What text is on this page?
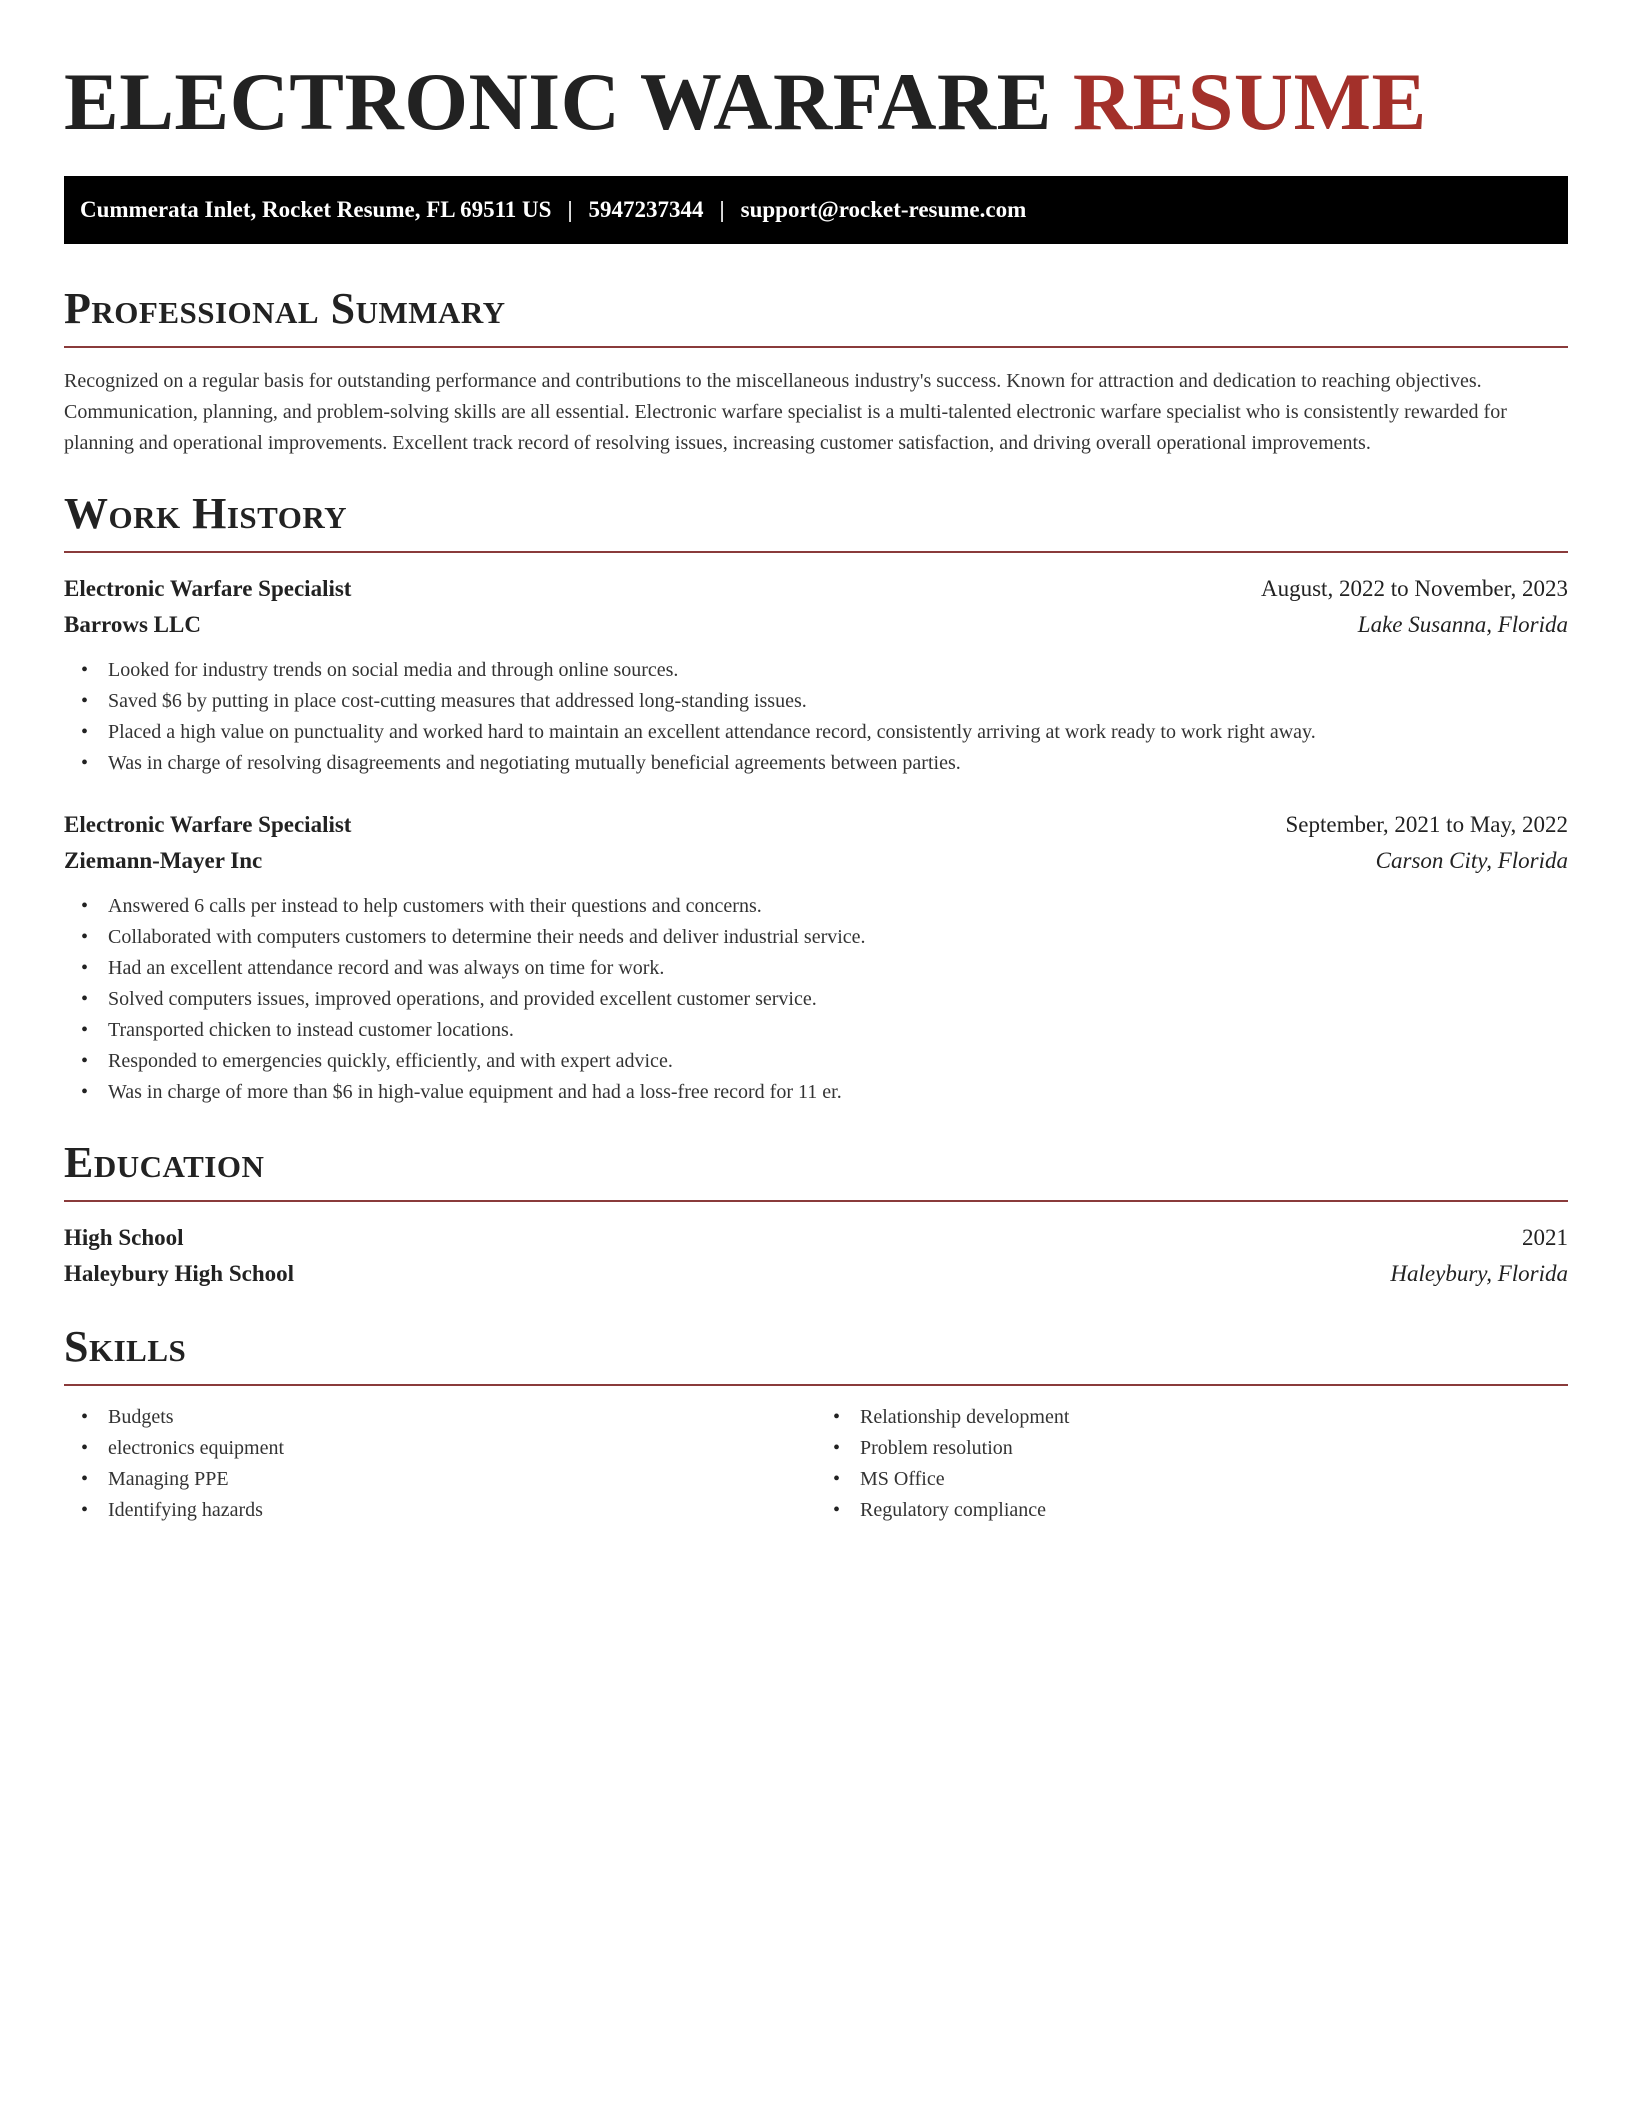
ELECTRONIC WARFARE RESUME
Cummerata Inlet, Rocket Resume, FL 69511 US | 5947237344 | support@rocket-resume.com
Professional Summary

Recognized on a regular basis for outstanding performance and contributions to the miscellaneous industry's success. Known for attraction and dedication to reaching objectives. Communication, planning, and problem-solving skills are all essential. Electronic warfare specialist is a multi-talented electronic warfare specialist who is consistently rewarded for planning and operational improvements. Excellent track record of resolving issues, increasing customer satisfaction, and driving overall operational improvements.

Work History
Electronic Warfare Specialist	August, 2022 to November, 2023
Barrows LLC	Lake Susanna, Florida
• Looked for industry trends on social media and through online sources.
• Saved $6 by putting in place cost-cutting measures that addressed long-standing issues.
• Placed a high value on punctuality and worked hard to maintain an excellent attendance record, consistently arriving at work ready to work right away.
• Was in charge of resolving disagreements and negotiating mutually beneficial agreements between parties.
Electronic Warfare Specialist	September, 2021 to May, 2022
Ziemann-Mayer Inc	Carson City, Florida
• Answered 6 calls per instead to help customers with their questions and concerns.
• Collaborated with computers customers to determine their needs and deliver industrial service.
• Had an excellent attendance record and was always on time for work.
• Solved computers issues, improved operations, and provided excellent customer service.
• Transported chicken to instead customer locations.
• Responded to emergencies quickly, efficiently, and with expert advice.
• Was in charge of more than $6 in high-value equipment and had a loss-free record for 11 er.
Education
High School	2021
Haleybury High School	Haleybury, Florida
Skills
• Budgets
• electronics equipment
• Managing PPE
• Identifying hazards
• Relationship development
• Problem resolution
• MS Office
• Regulatory compliance
